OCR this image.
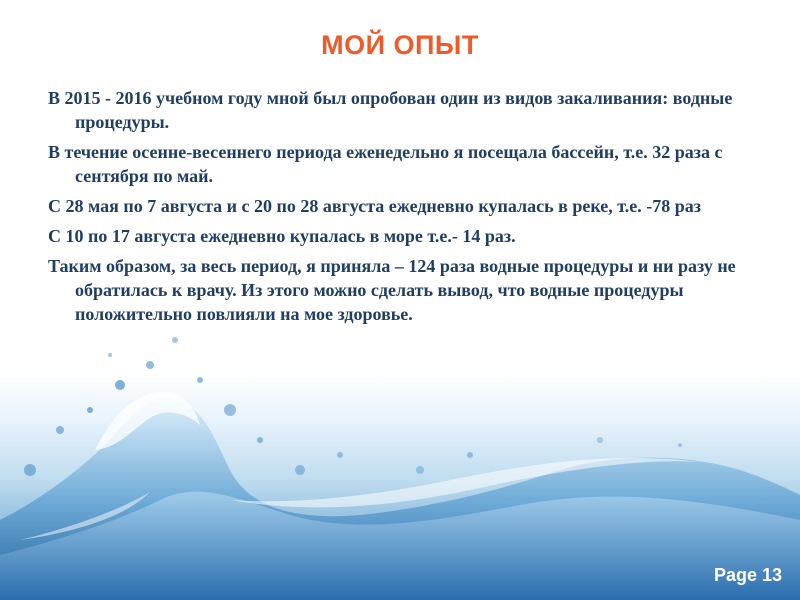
МОЙ ОПЫТ

В 2015 - 2016 учебном году мной был опробован один из видов закаливания: водные процедуры.

В течение осенне-весеннего периода еженедельно я посещала бассейн, т.е. 32 раза с сентября по май.

С 28 мая по 7 августа и с 20 по 28 августа ежедневно купалась в реке, т.е. -78 раз

С 10 по 17 августа ежедневно купалась в море т.е.- 14 раз.

Таким образом, за весь период, я приняла – 124 раза водные процедуры и ни разу не обратилась к врачу. Из этого можно сделать вывод, что водные процедуры положительно повлияли на мое здоровье.

Page 13
